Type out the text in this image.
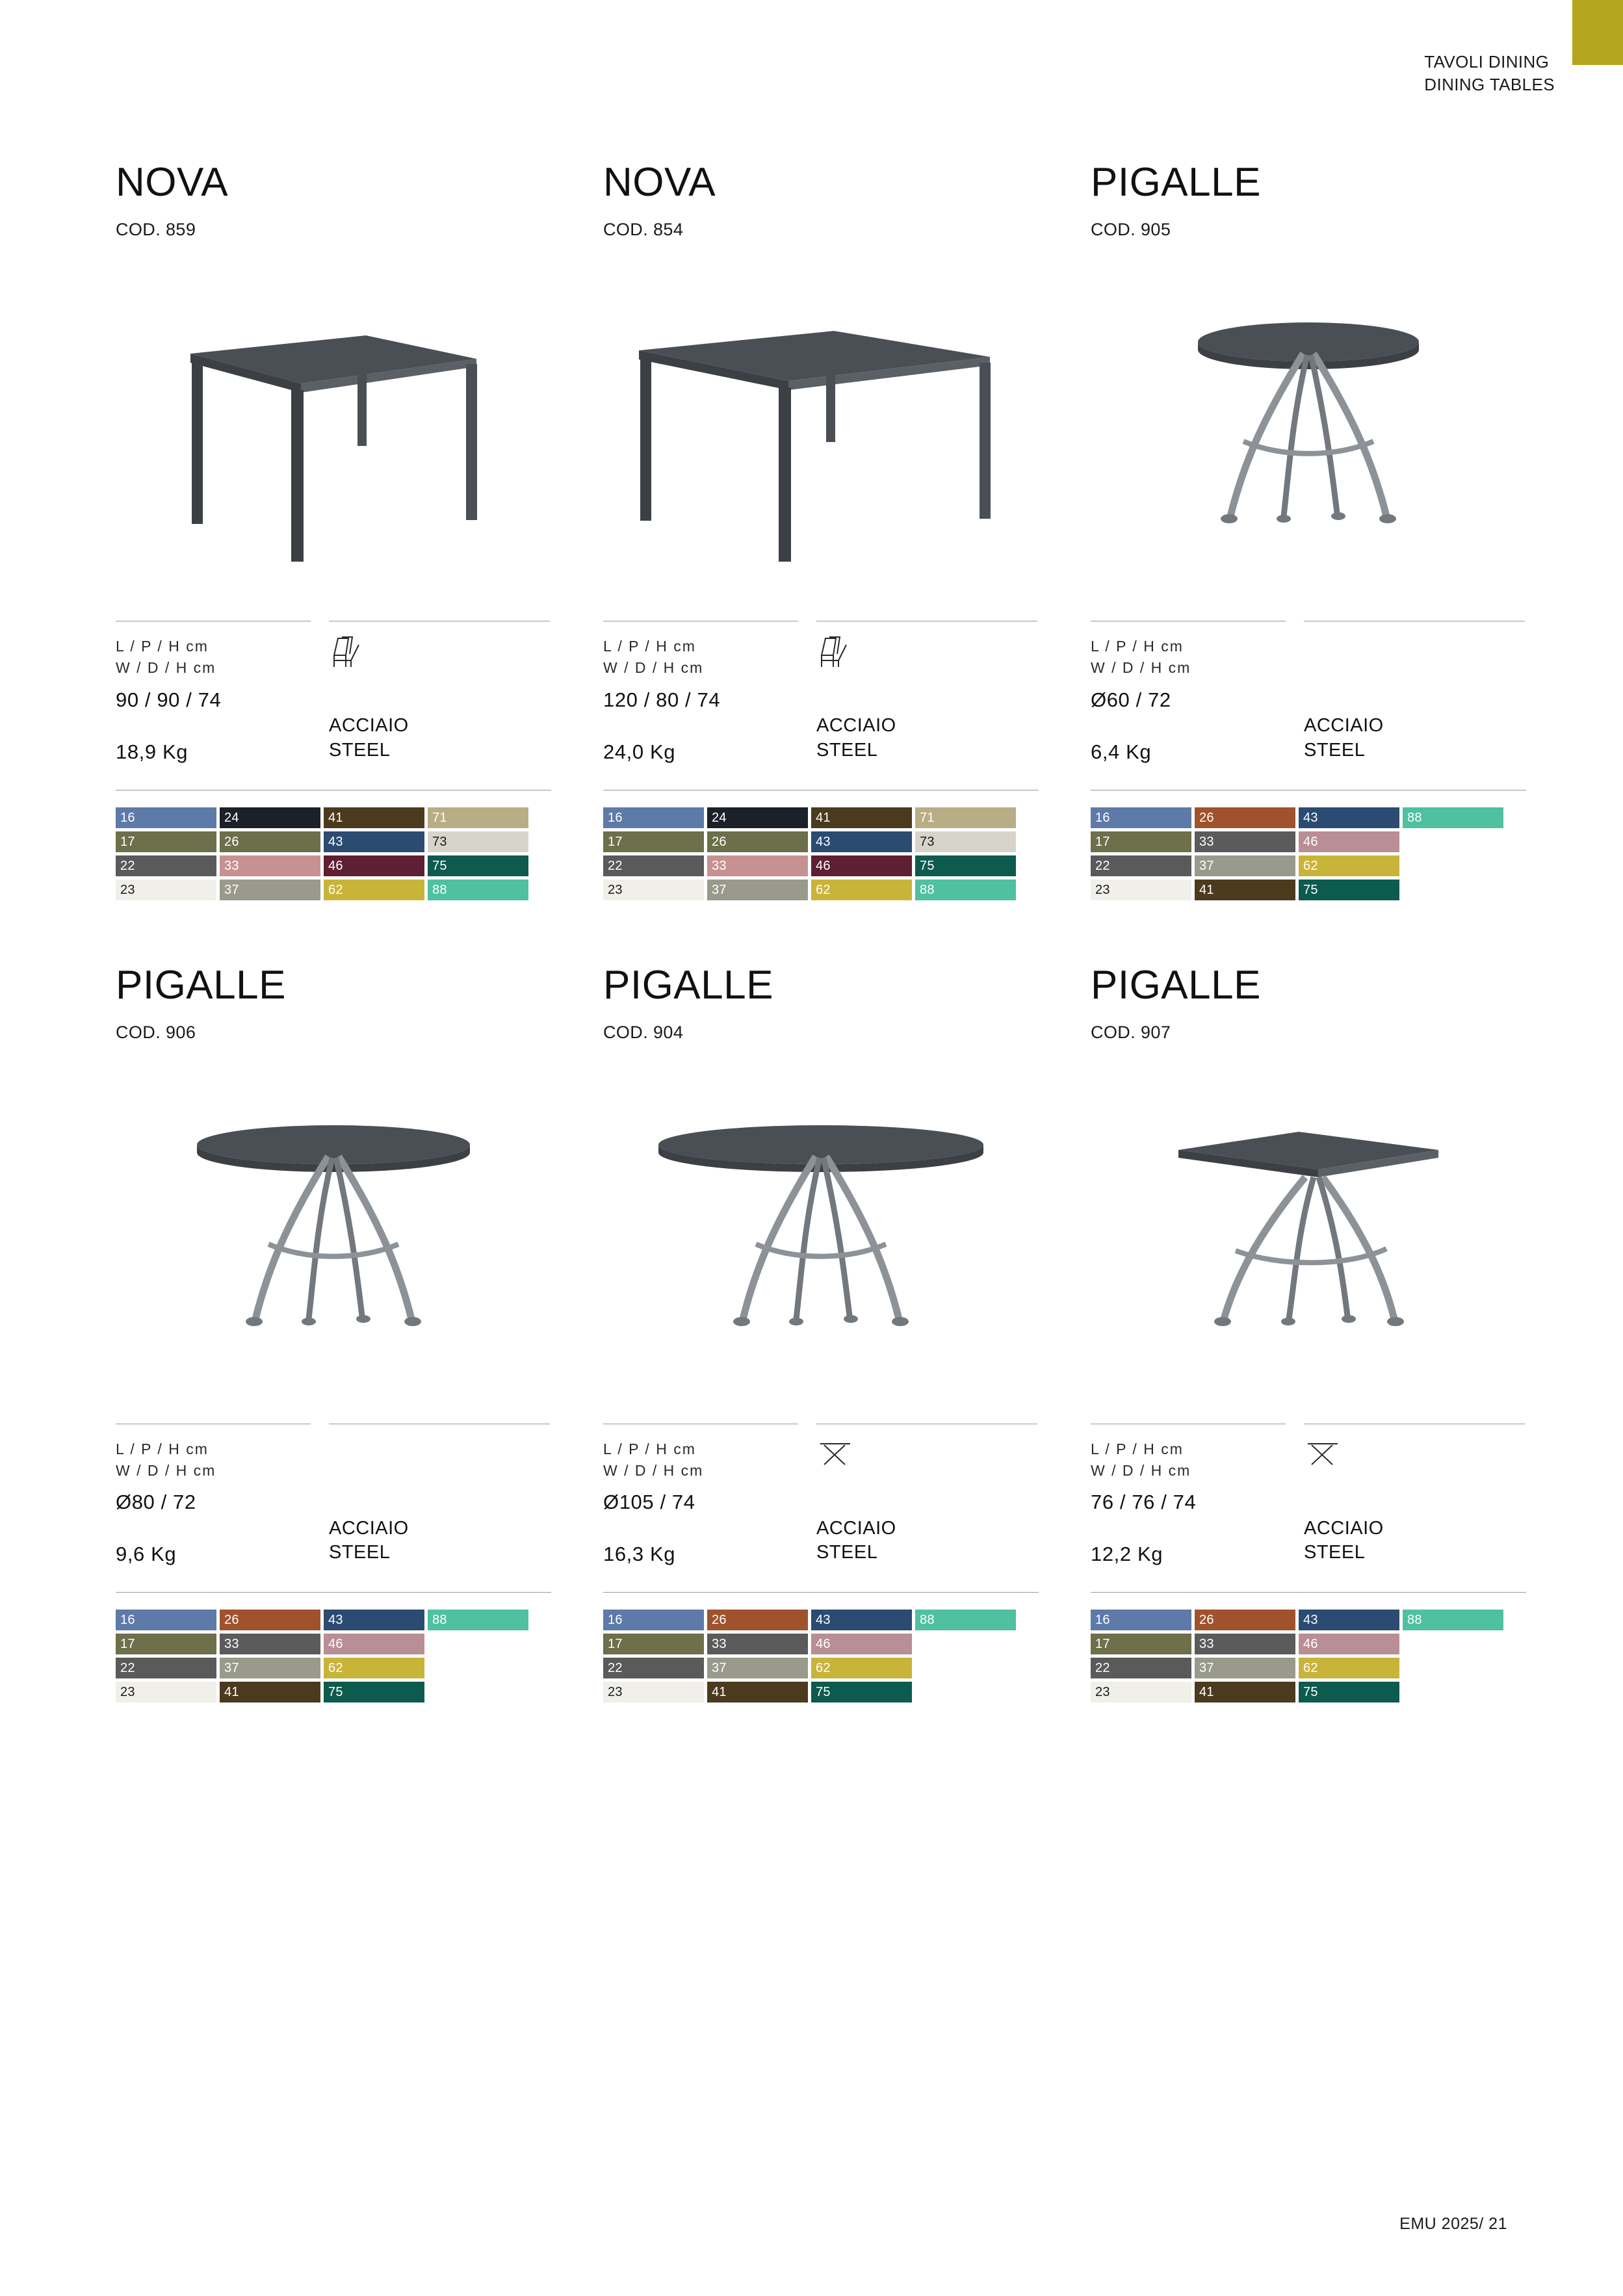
TAVOLI DINING
DINING TABLES
NOVA

COD. 859

L / P / H cm
W / D / H cm
90 / 90 / 74
18,9 Kg
ACCIAIO
STEEL
16
17
22
23
24
26
33
37
41
43
46
62
71
73
75
88
NOVA

COD. 854

L / P / H cm
W / D / H cm
120 / 80 / 74
24,0 Kg
ACCIAIO
STEEL
16
17
22
23
24
26
33
37
41
43
46
62
71
73
75
88
PIGALLE

COD. 905

L / P / H cm
W / D / H cm
Ø60 / 72
6,4 Kg
ACCIAIO
STEEL
16
17
22
23
26
33
37
41
43
46
62
75
88
PIGALLE

COD. 906

L / P / H cm
W / D / H cm
Ø80 / 72
9,6 Kg
ACCIAIO
STEEL
16
17
22
23
26
33
37
41
43
46
62
75
88
PIGALLE

COD. 904

L / P / H cm
W / D / H cm
Ø105 / 74
16,3 Kg
ACCIAIO
STEEL
16
17
22
23
26
33
37
41
43
46
62
75
88
PIGALLE

COD. 907

L / P / H cm
W / D / H cm
76 / 76 / 74
12,2 Kg
ACCIAIO
STEEL
16
17
22
23
26
33
37
41
43
46
62
75
88
EMU 2025/ 21
